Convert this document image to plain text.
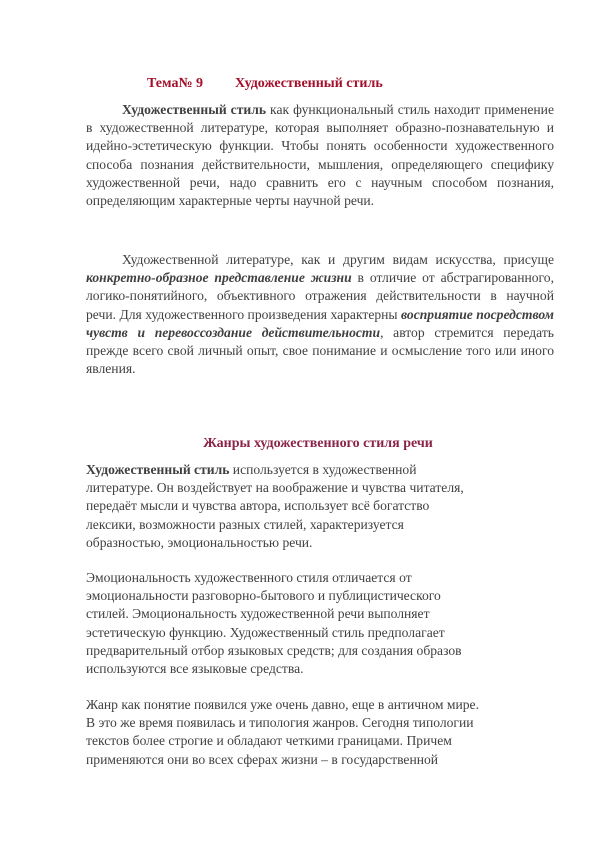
Тема№ 9 Художественный стиль

Художественный стиль как функциональный стиль находит применение в художественной литературе, которая выполняет образно-познавательную и идейно-эстетическую функции. Чтобы понять особенности художественного способа познания действительности, мышления, определяющего специфику художественной речи, надо сравнить его с научным способом познания, определяющим характерные черты научной речи.

Художественной литературе, как и другим видам искусства, присуще конкретно-образное представление жизни в отличие от абстрагированного, логико-понятийного, объективного отражения действительности в научной речи. Для художественного произведения характерны восприятие посредством чувств и перевоссоздание действительности, автор стремится передать прежде всего свой личный опыт, свое понимание и осмысление того или иного явления.

Жанры художественного стиля речи

Художественный стиль используется в художественной
литературе. Он воздействует на воображение и чувства читателя,
передаёт мысли и чувства автора, использует всё богатство
лексики, возможности разных стилей, характеризуется
образностью, эмоциональностью речи.

Эмоциональность художественного стиля отличается от
эмоциональности разговорно-бытового и публицистического
стилей. Эмоциональность художественной речи выполняет
эстетическую функцию. Художественный стиль предполагает
предварительный отбор языковых средств; для создания образов
используются все языковые средства.

Жанр как понятие появился уже очень давно, еще в античном мире.
В это же время появилась и типология жанров. Сегодня типологии
текстов более строгие и обладают четкими границами. Причем
применяются они во всех сферах жизни – в государственной
